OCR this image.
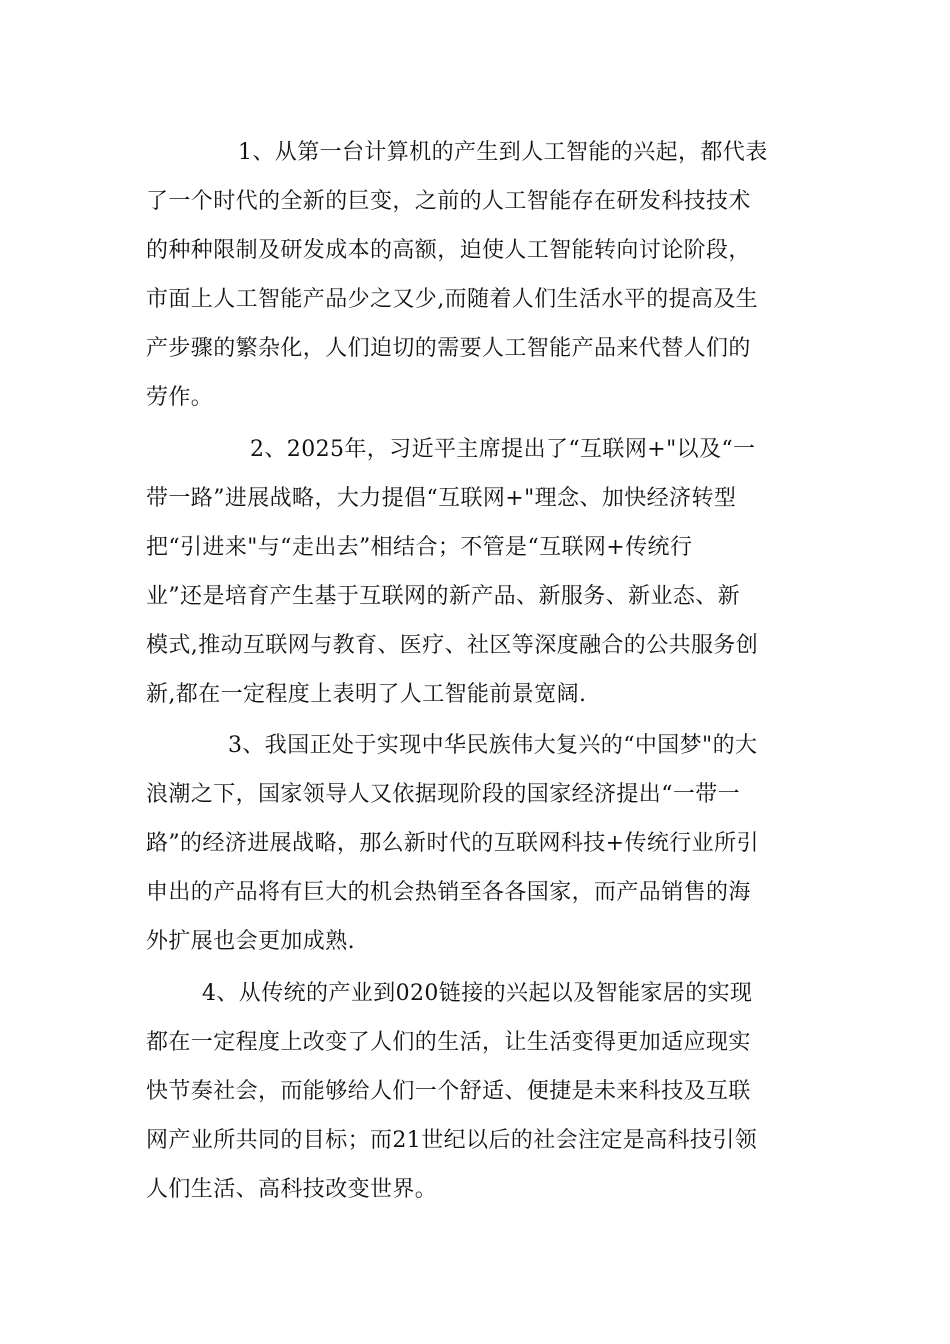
1、从第一台计算机的产生到人工智能的兴起，都代表
了一个时代的全新的巨变，之前的人工智能存在研发科技技术
的种种限制及研发成本的高额，迫使人工智能转向讨论阶段，
市面上人工智能产品少之又少,而随着人们生活水平的提高及生
产步骤的繁杂化，人们迫切的需要人工智能产品来代替人们的
劳作。
2、2025年，习近平主席提出了“互联网+"以及“一
带一路”进展战略，大力提倡“互联网+"理念、加快经济转型
把“引进来"与“走出去”相结合；不管是“互联网+传统行
业”还是培育产生基于互联网的新产品、新服务、新业态、新
模式,推动互联网与教育、医疗、社区等深度融合的公共服务创
新,都在一定程度上表明了人工智能前景宽阔.
3、我国正处于实现中华民族伟大复兴的“中国梦"的大
浪潮之下，国家领导人又依据现阶段的国家经济提出“一带一
路”的经济进展战略，那么新时代的互联网科技+传统行业所引
申出的产品将有巨大的机会热销至各各国家，而产品销售的海
外扩展也会更加成熟.
4、从传统的产业到020链接的兴起以及智能家居的实现
都在一定程度上改变了人们的生活，让生活变得更加适应现实
快节奏社会，而能够给人们一个舒适、便捷是未来科技及互联
网产业所共同的目标；而21世纪以后的社会注定是高科技引领
人们生活、高科技改变世界。
